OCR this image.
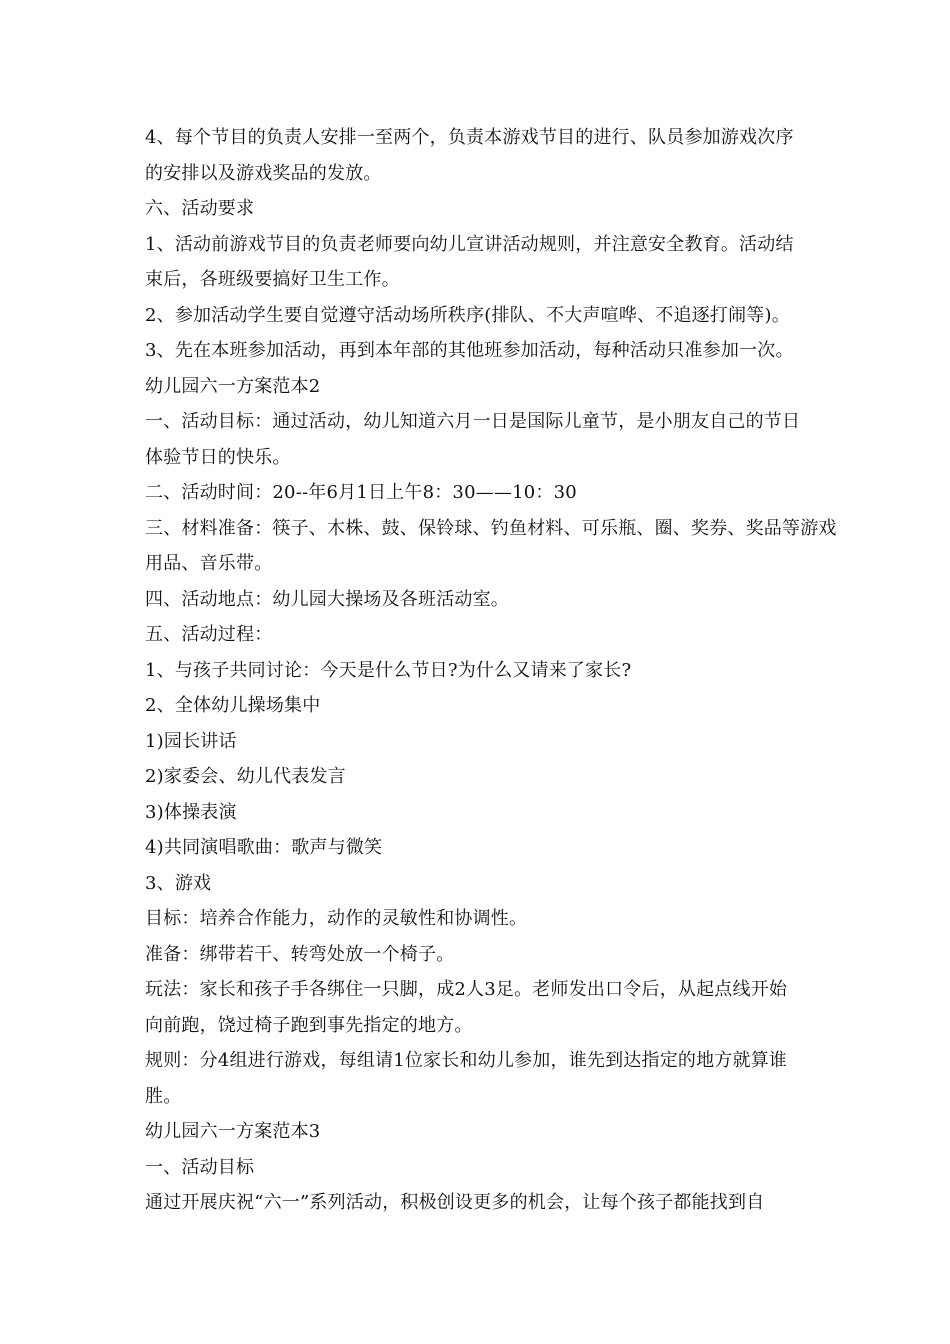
4、每个节目的负责人安排一至两个，负责本游戏节目的进行、队员参加游戏次序
的安排以及游戏奖品的发放。
六、活动要求
1、活动前游戏节目的负责老师要向幼儿宣讲活动规则，并注意安全教育。活动结
束后，各班级要搞好卫生工作。
2、参加活动学生要自觉遵守活动场所秩序(排队、不大声喧哗、不追逐打闹等)。
3、先在本班参加活动，再到本年部的其他班参加活动，每种活动只准参加一次。
幼儿园六一方案范本2
一、活动目标：通过活动，幼儿知道六月一日是国际儿童节，是小朋友自己的节日
体验节日的快乐。
二、活动时间：20--年6月1日上午8：30——10：30
三、材料准备：筷子、木株、鼓、保铃球、钓鱼材料、可乐瓶、圈、奖券、奖品等游戏
用品、音乐带。
四、活动地点：幼儿园大操场及各班活动室。
五、活动过程：
1、与孩子共同讨论：今天是什么节日?为什么又请来了家长?
2、全体幼儿操场集中
1)园长讲话
2)家委会、幼儿代表发言
3)体操表演
4)共同演唱歌曲：歌声与微笑
3、游戏
目标：培养合作能力，动作的灵敏性和协调性。
准备：绑带若干、转弯处放一个椅子。
玩法：家长和孩子手各绑住一只脚，成2人3足。老师发出口令后，从起点线开始
向前跑，饶过椅子跑到事先指定的地方。
规则：分4组进行游戏，每组请1位家长和幼儿参加，谁先到达指定的地方就算谁
胜。
幼儿园六一方案范本3
一、活动目标
通过开展庆祝“六一”系列活动，积极创设更多的机会，让每个孩子都能找到自
